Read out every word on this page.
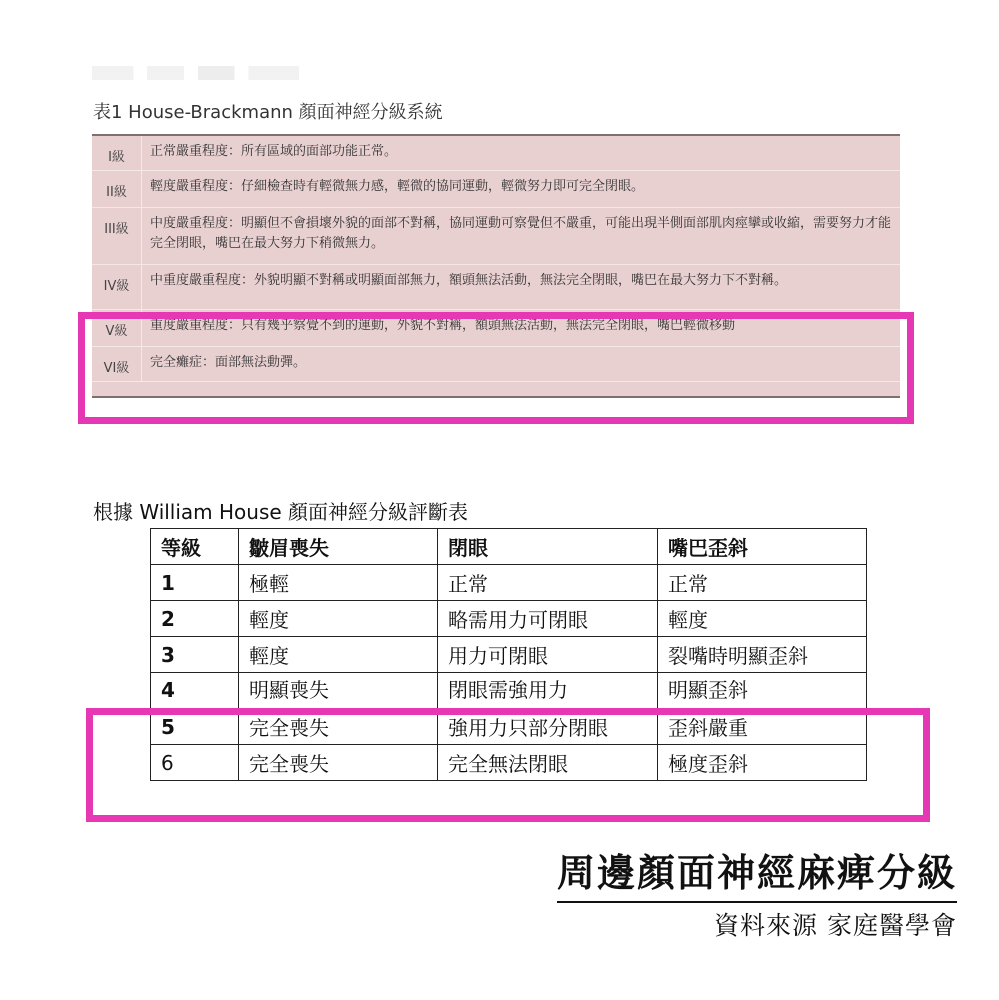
表1 House-Brackmann 顏面神經分級系統
I級	正常嚴重程度：所有區域的面部功能正常。
II級	輕度嚴重程度：仔細檢查時有輕微無力感，輕微的協同運動，輕微努力即可完全閉眼。
III級	中度嚴重程度：明顯但不會損壞外貌的面部不對稱，協同運動可察覺但不嚴重，可能出現半側面部肌肉痙攣或收縮，需要努力才能完全閉眼，嘴巴在最大努力下稍微無力。
IV級	中重度嚴重程度：外貌明顯不對稱或明顯面部無力，額頭無法活動，無法完全閉眼，嘴巴在最大努力下不對稱。
V級	重度嚴重程度：只有幾乎察覺不到的運動，外貌不對稱，額頭無法活動，無法完全閉眼，嘴巴輕微移動
VI級	完全癱症：面部無法動彈。
根據 William House 顏面神經分級評斷表
等級	皺眉喪失	閉眼	嘴巴歪斜
1	極輕	正常	正常
2	輕度	略需用力可閉眼	輕度
3	輕度	用力可閉眼	裂嘴時明顯歪斜
4	明顯喪失	閉眼需強用力	明顯歪斜
5	完全喪失	強用力只部分閉眼	歪斜嚴重
6	完全喪失	完全無法閉眼	極度歪斜
周邊顏面神經麻痺分級
資料來源 家庭醫學會
